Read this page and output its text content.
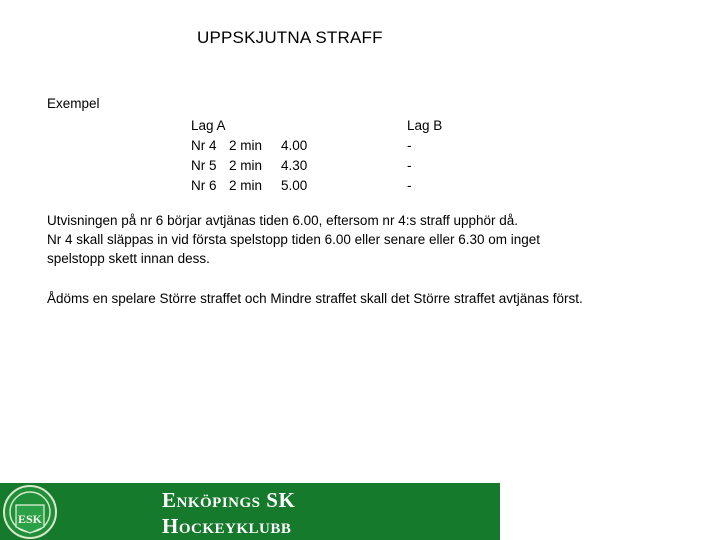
UPPSKJUTNA STRAFF
Exempel
Lag A
Nr 4 2 min 4.00
Nr 5 2 min 4.30
Nr 6 2 min 5.00
Lag B
-
-
-
Utvisningen på nr 6 börjar avtjänas tiden 6.00, eftersom nr 4:s straff upphör då.
Nr 4 skall släppas in vid första spelstopp tiden 6.00 eller senare eller 6.30 om inget
spelstopp skett innan dess.
Ådöms en spelare Större straffet och Mindre straffet skall det Större straffet avtjänas först.
ESK
Enköpings SK
Hockeyklubb
